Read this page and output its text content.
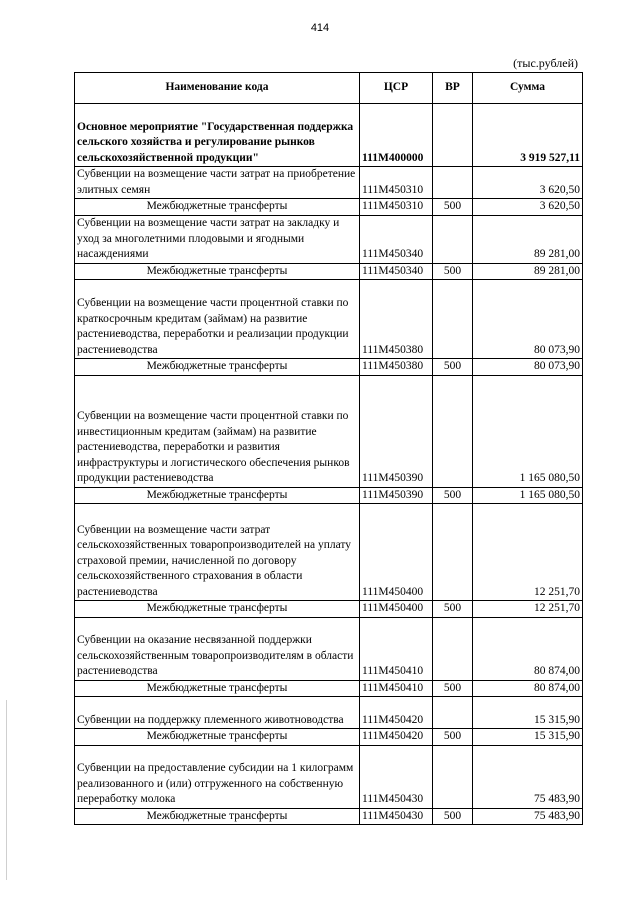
414
(тыс.рублей)
Наименование кода	ЦСР	ВР	Сумма
Основное мероприятие "Государственная поддержка сельского хозяйства и регулирование рынков сельскохозяйственной продукции"	111M400000		3 919 527,11
Субвенции на возмещение части затрат на приобретение элитных семян	111M450310		3 620,50
Межбюджетные трансферты	111M450310	500	3 620,50
Субвенции на возмещение части затрат на закладку и уход за многолетними плодовыми и ягодными насаждениями	111M450340		89 281,00
Межбюджетные трансферты	111M450340	500	89 281,00
Субвенции на возмещение части процентной ставки по краткосрочным кредитам (займам) на развитие растениеводства, переработки и реализации продукции растениеводства	111M450380		80 073,90
Межбюджетные трансферты	111M450380	500	80 073,90
Субвенции на возмещение части процентной ставки по инвестиционным кредитам (займам) на развитие растениеводства, переработки и развития инфраструктуры и логистического обеспечения рынков продукции растениеводства	111M450390		1 165 080,50
Межбюджетные трансферты	111M450390	500	1 165 080,50
Субвенции на возмещение части затрат сельскохозяйственных товаропроизводителей на уплату страховой премии, начисленной по договору сельскохозяйственного страхования в области растениеводства	111M450400		12 251,70
Межбюджетные трансферты	111M450400	500	12 251,70
Субвенции на оказание несвязанной поддержки сельскохозяйственным товаропроизводителям в области растениеводства	111M450410		80 874,00
Межбюджетные трансферты	111M450410	500	80 874,00
Субвенции на поддержку племенного животноводства	111M450420		15 315,90
Межбюджетные трансферты	111M450420	500	15 315,90
Субвенции на предоставление субсидии на 1 килограмм реализованного и (или) отгруженного на собственную переработку молока	111M450430		75 483,90
Межбюджетные трансферты	111M450430	500	75 483,90
